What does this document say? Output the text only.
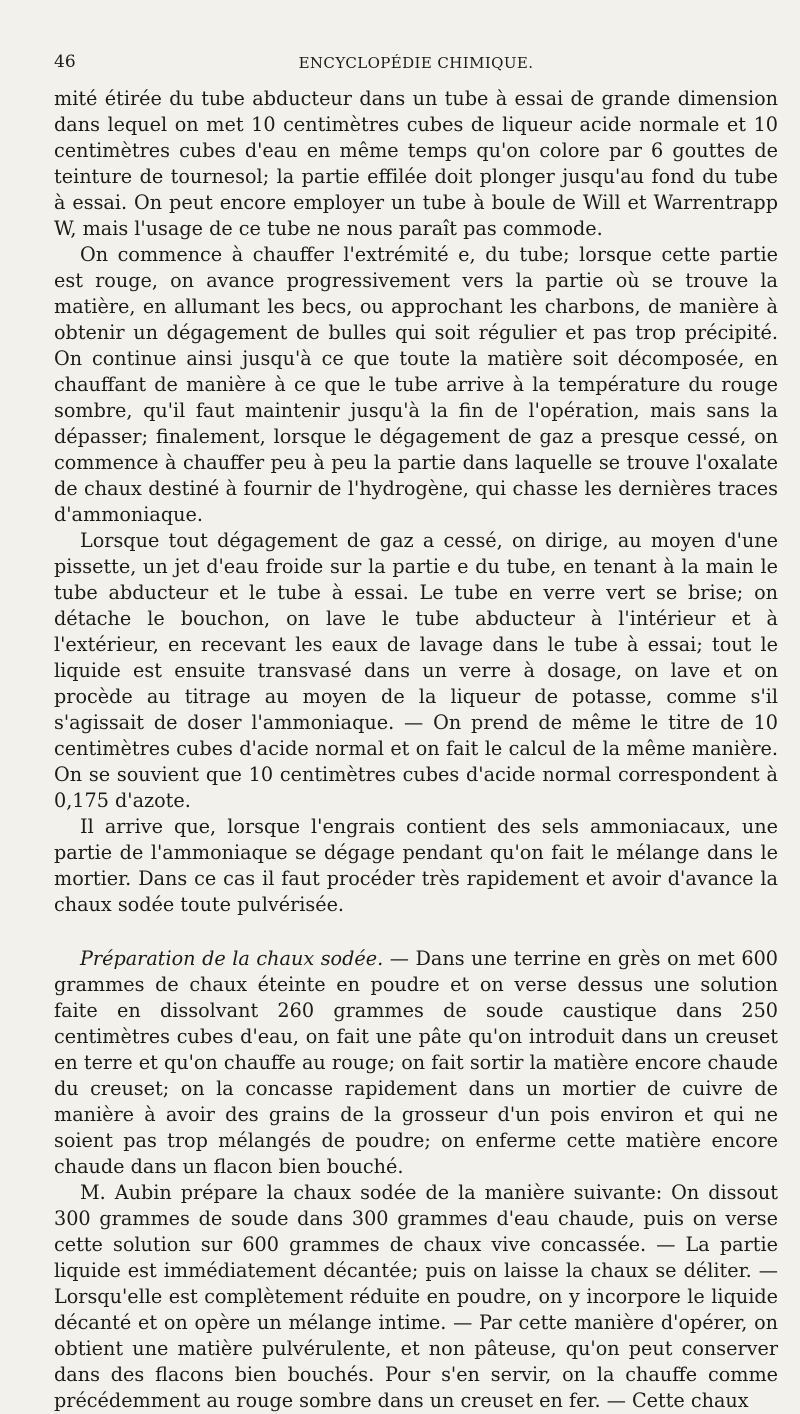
46	ENCYCLOPÉDIE CHIMIQUE.

mité étirée du tube abducteur dans un tube à essai de grande dimension dans lequel on met 10 centimètres cubes de liqueur acide normale et 10 centimètres cubes d'eau en même temps qu'on colore par 6 gouttes de teinture de tournesol; la partie effilée doit plonger jusqu'au fond du tube à essai. On peut encore employer un tube à boule de Will et Warrentrapp W, mais l'usage de ce tube ne nous paraît pas commode.

On commence à chauffer l'extrémité e, du tube; lorsque cette partie est rouge, on avance progressivement vers la partie où se trouve la matière, en allumant les becs, ou approchant les charbons, de manière à obtenir un dégagement de bulles qui soit régulier et pas trop précipité. On continue ainsi jusqu'à ce que toute la matière soit décomposée, en chauffant de manière à ce que le tube arrive à la température du rouge sombre, qu'il faut maintenir jusqu'à la fin de l'opération, mais sans la dépasser; finalement, lorsque le dégagement de gaz a presque cessé, on commence à chauffer peu à peu la partie dans laquelle se trouve l'oxalate de chaux destiné à fournir de l'hydrogène, qui chasse les dernières traces d'ammoniaque.

Lorsque tout dégagement de gaz a cessé, on dirige, au moyen d'une pissette, un jet d'eau froide sur la partie e du tube, en tenant à la main le tube abducteur et le tube à essai. Le tube en verre vert se brise; on détache le bouchon, on lave le tube abducteur à l'intérieur et à l'extérieur, en recevant les eaux de lavage dans le tube à essai; tout le liquide est ensuite transvasé dans un verre à dosage, on lave et on procède au titrage au moyen de la liqueur de potasse, comme s'il s'agissait de doser l'ammoniaque. — On prend de même le titre de 10 centimètres cubes d'acide normal et on fait le calcul de la même manière. On se souvient que 10 centimètres cubes d'acide normal correspondent à 0,175 d'azote.

Il arrive que, lorsque l'engrais contient des sels ammoniacaux, une partie de l'ammoniaque se dégage pendant qu'on fait le mélange dans le mortier. Dans ce cas il faut procéder très rapidement et avoir d'avance la chaux sodée toute pulvérisée.

Préparation de la chaux sodée. — Dans une terrine en grès on met 600 grammes de chaux éteinte en poudre et on verse dessus une solution faite en dissolvant 260 grammes de soude caustique dans 250 centimètres cubes d'eau, on fait une pâte qu'on introduit dans un creuset en terre et qu'on chauffe au rouge; on fait sortir la matière encore chaude du creuset; on la concasse rapidement dans un mortier de cuivre de manière à avoir des grains de la grosseur d'un pois environ et qui ne soient pas trop mélangés de poudre; on enferme cette matière encore chaude dans un flacon bien bouché.

M. Aubin prépare la chaux sodée de la manière suivante: On dissout 300 grammes de soude dans 300 grammes d'eau chaude, puis on verse cette solution sur 600 grammes de chaux vive concassée. — La partie liquide est immédiatement décantée; puis on laisse la chaux se déliter. — Lorsqu'elle est complètement réduite en poudre, on y incorpore le liquide décanté et on opère un mélange intime. — Par cette manière d'opérer, on obtient une matière pulvérulente, et non pâteuse, qu'on peut conserver dans des flacons bien bouchés. Pour s'en servir, on la chauffe comme précédemment au rouge sombre dans un creuset en fer. — Cette chaux
